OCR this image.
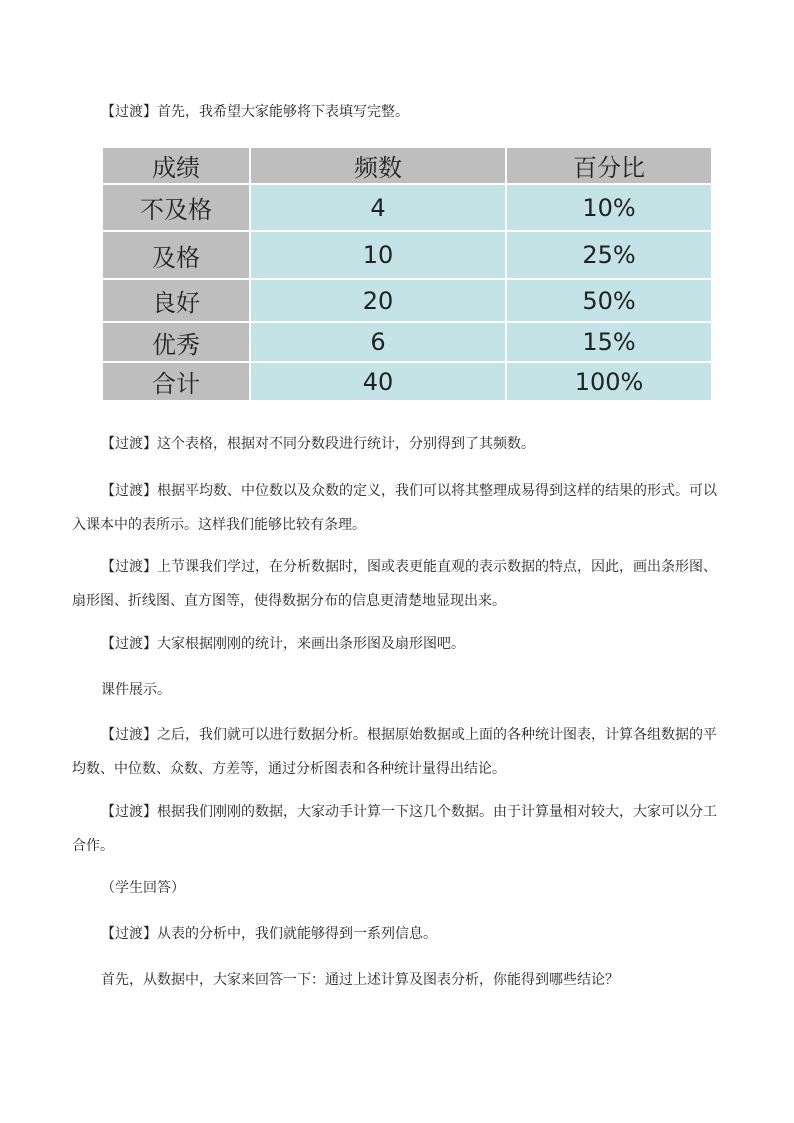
【过渡】首先，我希望大家能够将下表填写完整。

成绩	频数	百分比
不及格	4	10%
及格	10	25%
良好	20	50%
优秀	6	15%
合计	40	100%

【过渡】这个表格，根据对不同分数段进行统计，分别得到了其频数。

【过渡】根据平均数、中位数以及众数的定义，我们可以将其整理成易得到这样的结果的形式。可以入课本中的表所示。这样我们能够比较有条理。

【过渡】上节课我们学过，在分析数据时，图或表更能直观的表示数据的特点，因此，画出条形图、扇形图、折线图、直方图等，使得数据分布的信息更清楚地显现出来。

【过渡】大家根据刚刚的统计，来画出条形图及扇形图吧。

课件展示。

【过渡】之后，我们就可以进行数据分析。根据原始数据或上面的各种统计图表，计算各组数据的平均数、中位数、众数、方差等，通过分析图表和各种统计量得出结论。

【过渡】根据我们刚刚的数据，大家动手计算一下这几个数据。由于计算量相对较大，大家可以分工合作。

（学生回答）

【过渡】从表的分析中，我们就能够得到一系列信息。

首先，从数据中，大家来回答一下：通过上述计算及图表分析，你能得到哪些结论？
